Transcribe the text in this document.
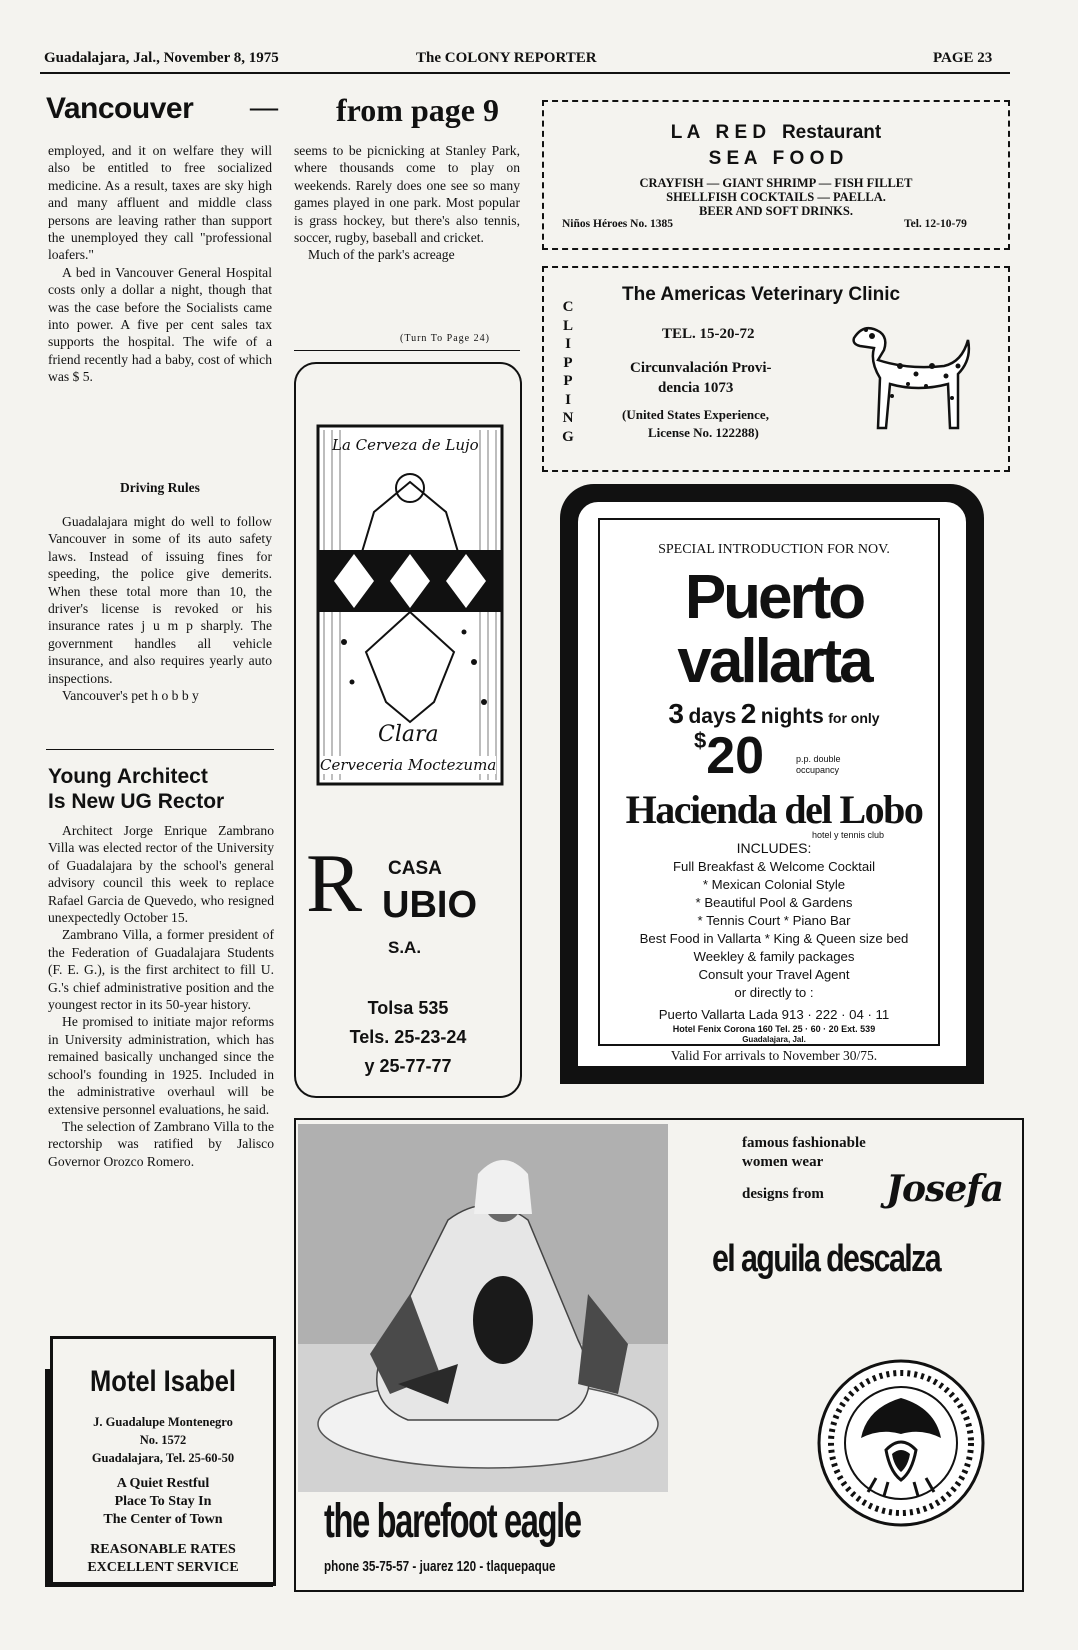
Guadalajara, Jal., November 8, 1975	The COLONY REPORTER	PAGE 23
Vancouver — from page 9

employed, and it on welfare they will also be entitled to free socialized medicine. As a result, taxes are sky high and many affluent and middle class persons are leaving rather than support the unemployed they call "professional loafers."

A bed in Vancouver General Hospital costs only a dollar a night, though that was the case before the Socialists came into power. A five per cent sales tax supports the hospital. The wife of a friend recently had a baby, cost of which was $ 5.

Driving Rules

Guadalajara might do well to follow Vancouver in some of its auto safety laws. Instead of issuing fines for speeding, the police give demerits. When these total more than 10, the driver's license is revoked or his insurance rates j u m p sharply. The government handles all vehicle insurance, and also requires yearly auto inspections.

Vancouver's pet h o b b y

seems to be picnicking at Stanley Park, where thousands come to play on weekends. Rarely does one see so many games played in one park. Most popular is grass hockey, but there's also tennis, soccer, rugby, baseball and cricket.

Much of the park's acreage

(Turn To Page 24)
Young Architect
Is New UG Rector

Architect Jorge Enrique Zambrano Villa was elected rector of the University of Guadalajara by the school's general advisory council this week to replace Rafael Garcia de Quevedo, who resigned unexpectedly October 15.

Zambrano Villa, a former president of the Federation of Guadalajara Students (F. E. G.), is the first architect to fill U. G.'s chief administrative position and the youngest rector in its 50-year history.

He promised to initiate major reforms in University administration, which has remained basically unchanged since the school's founding in 1925. Included in the administrative overhaul will be extensive personnel evaluations, he said.

The selection of Zambrano Villa to the rectorship was ratified by Jalisco Governor Orozco Romero.

Motel Isabel
J. Guadalupe Montenegro
No. 1572
Guadalajara, Tel. 25-60-50
A Quiet Restful
Place To Stay In
The Center of Town
REASONABLE RATES
EXCELLENT SERVICE
La Cerveza de Lujo
Clara
Cerveceria Moctezuma
R CASA
UBIO
S.A.
Tolsa 535
Tels. 25-23-24
y 25-77-77
L A   R E D   Restaurant
S E A   F O O D
CRAYFISH — GIANT SHRIMP — FISH FILLET
SHELLFISH COCKTAILS — PAELLA.
BEER AND SOFT DRINKS.
Niños Héroes No. 1385	Tel. 12-10-79
C
L
I
P
P
I
N
G
The Americas Veterinary Clinic
TEL. 15-20-72
Circunvalación Provi-
dencia 1073
(United States Experience,
License No. 122288)
SPECIAL INTRODUCTION FOR NOV.
Puerto
vallarta
3 days 2 nights for only
$20	p.p. double
occupancy
Hacienda del Lobo
hotel y tennis club
INCLUDES:
Full Breakfast & Welcome Cocktail
* Mexican Colonial Style
* Beautiful Pool & Gardens
* Tennis Court * Piano Bar
Best Food in Vallarta * King & Queen size bed
Weekley & family packages
Consult your Travel Agent
or directly to :
Puerto Vallarta Lada 913 · 222 · 04 · 11
Hotel Fenix Corona 160 Tel. 25 · 60 · 20 Ext. 539
Guadalajara, Jal.
Valid For arrivals to November 30/75.
famous fashionable
women wear
designs from Josefa
el aguila descalza
the barefoot eagle
phone 35-75-57 - juarez 120 - tlaquepaque
